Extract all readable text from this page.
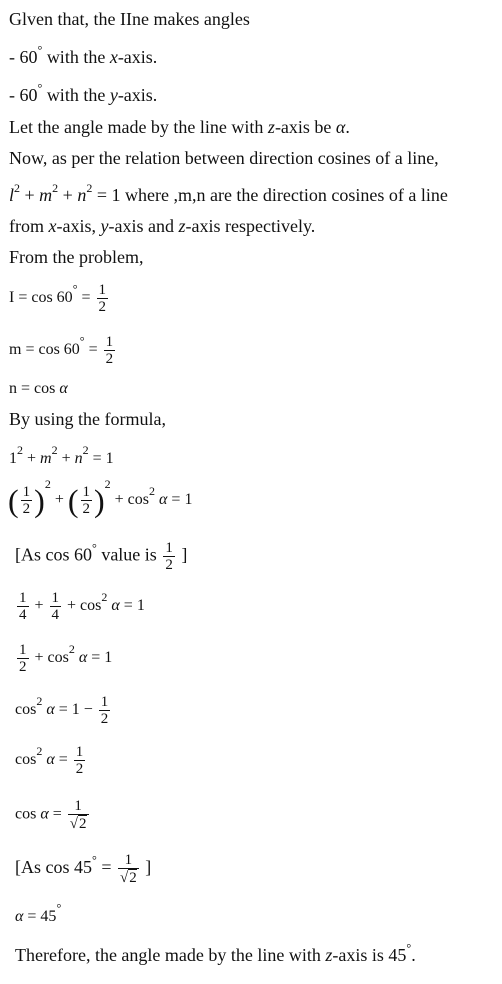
Glven that, the IIne makes angles
- 60° with the x-axis.
- 60° with the y-axis.
Let the angle made by the line with z-axis be α.
Now, as per the relation between direction cosines of a line,
$l^2 + m^2 + n^2 = 1$ where ,m,n are the direction cosines of a line
from x-axis, y-axis and z-axis respectively.
From the problem,
$I = \cos 60^\circ = \frac{1}{2}$
$m = \cos 60^\circ = \frac{1}{2}$
n = cos α
By using the formula,
$1^2 + m^2 + n^2 = 1$
( $\frac{1}{2} )^2$ + ( $\frac{1}{2} )^2 + \cos^2 \alpha = 1$
[As cos 60° value is $\frac{1}{2}$ ]
$\frac{1}{4} + \frac{1}{4} + \cos^2 \alpha = 1$
$\frac{1}{2} + \cos^2 \alpha = 1$
$\cos^2 \alpha = 1 - \frac{1}{2}$
$\cos^2 \alpha = \frac{1}{2}$
$\cos \alpha = \frac{1}{√2}$
[As $\cos 45^\circ = \frac{1}{√2}$ ]
α = 45°
Therefore, the angle made by the line with z-axis is 45°.
